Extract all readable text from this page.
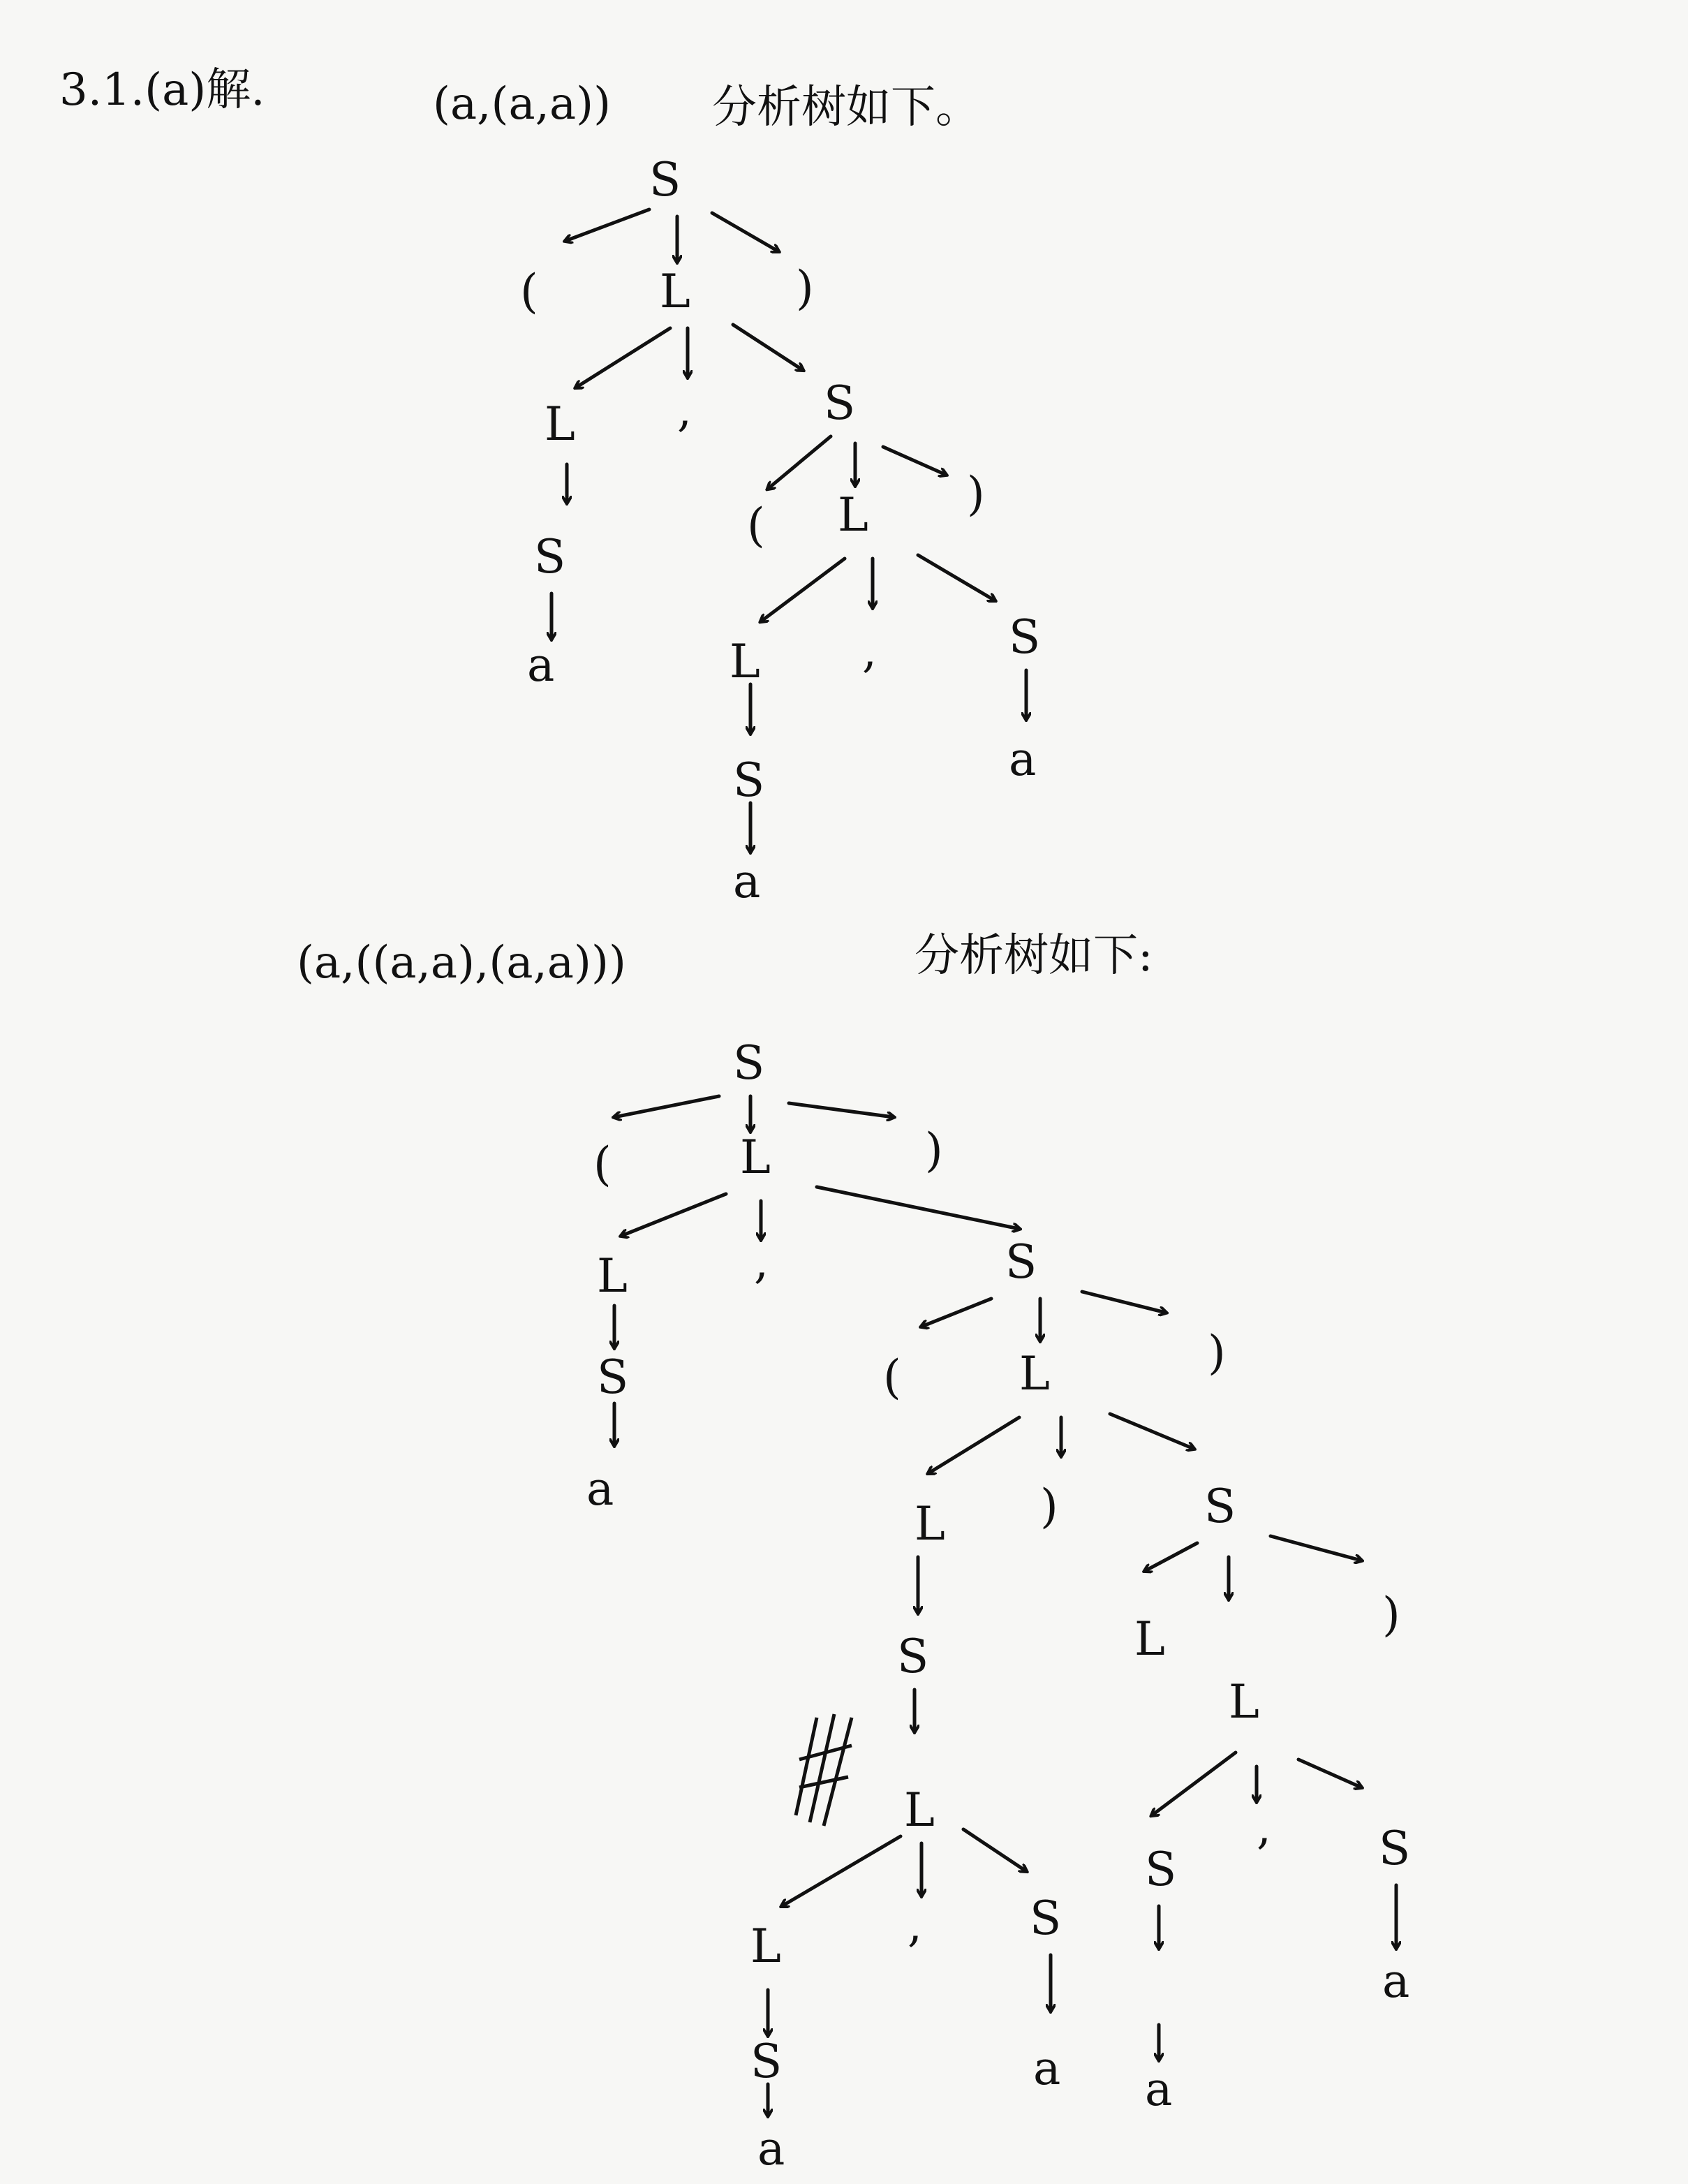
3.1.(a)解.	(a,(a,a)) 分析树如下。
(a,((a,a),(a,a)))	分析树如下:
S
(	L )
L ,	S
S
a
( L )
L ,	S
S
a
a
S
(	L	)
L	,	S
S
a
(	L	)
L )	S
S	L
L
)
L	, S
L	, S
S
a
S	a a
a
